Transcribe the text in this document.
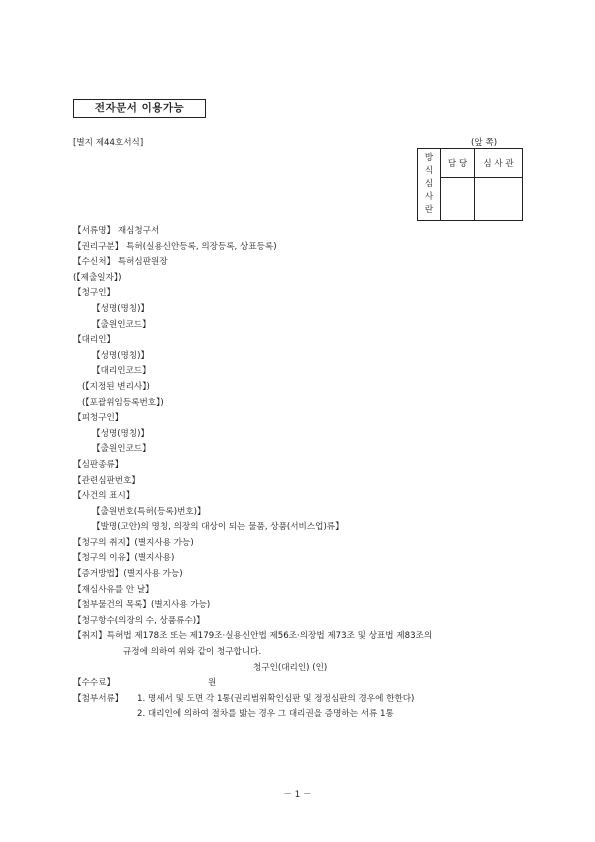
전자문서 이용가능
[별지 제44호서식]	(앞 쪽)
방
식
심
사
란	담 당	심 사 관

【서류명】 재심청구서
【권리구분】 특허(실용신안등록, 의장등록, 상표등록)
【수신처】 특허심판원장
(【제출일자】)
【청구인】
【성명(명칭)】
【출원인코드】
【대리인】
【성명(명칭)】
【대리인코드】
(【지정된 변리사】)
(【포괄위임등록번호】)
【피청구인】
【성명(명칭)】
【출원인코드】
【심판종류】
【관련심판번호】
【사건의 표시】
【출원번호(특허(등록)번호)】
【발명(고안)의 명칭, 의장의 대상이 되는 물품, 상품(서비스업)류】
【청구의 취지】(별지사용 가능)
【청구의 이유】(별지사용)
【증거방법】(별지사용 가능)
【재심사유를 안 날】
【첨부물건의 목록】(별지사용 가능)
【청구항수(의장의 수, 상품류수)】
【취지】특허법 제178조 또는 제179조·실용신안법 제56조·의장법 제73조 및 상표법 제83조의
규정에 의하여 위와 같이 청구합니다.
청구인(대리인) (인)
【수수료】	원
【첨부서류】 1. 명세서 및 도면 각 1통(권리범위확인심판 및 정정심판의 경우에 한한다)
2. 대리인에 의하여 절차를 밟는 경우 그 대리권을 증명하는 서류 1통
－ 1 －
